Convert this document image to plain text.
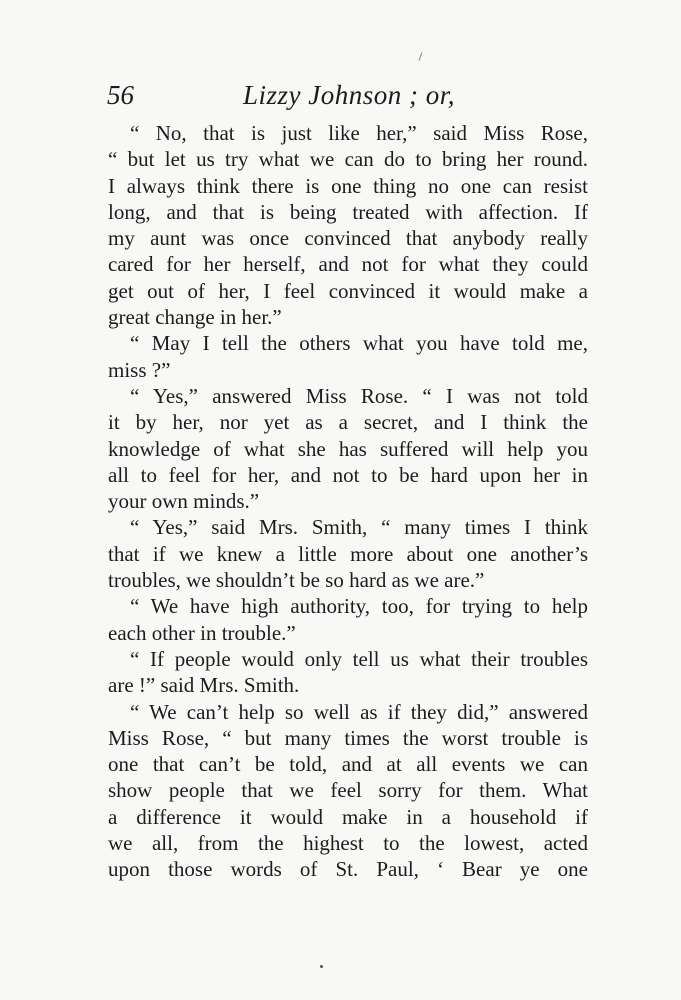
56	Lizzy Johnson ; or,
“ No, that is just like her,” said Miss Rose,
“ but let us try what we can do to bring her round.
I always think there is one thing no one can resist
long, and that is being treated with affection. If
my aunt was once convinced that anybody really
cared for her herself, and not for what they could
get out of her, I feel convinced it would make a
great change in her.”
“ May I tell the others what you have told me,
miss ?”
“ Yes,” answered Miss Rose. “ I was not told
it by her, nor yet as a secret, and I think the
knowledge of what she has suffered will help you
all to feel for her, and not to be hard upon her in
your own minds.”
“ Yes,” said Mrs. Smith, “ many times I think
that if we knew a little more about one another’s
troubles, we shouldn’t be so hard as we are.”
“ We have high authority, too, for trying to help
each other in trouble.”
“ If people would only tell us what their troubles
are !” said Mrs. Smith.
“ We can’t help so well as if they did,” answered
Miss Rose, “ but many times the worst trouble is
one that can’t be told, and at all events we can
show people that we feel sorry for them. What
a difference it would make in a household if
we all, from the highest to the lowest, acted
upon those words of St. Paul, ‘ Bear ye one
